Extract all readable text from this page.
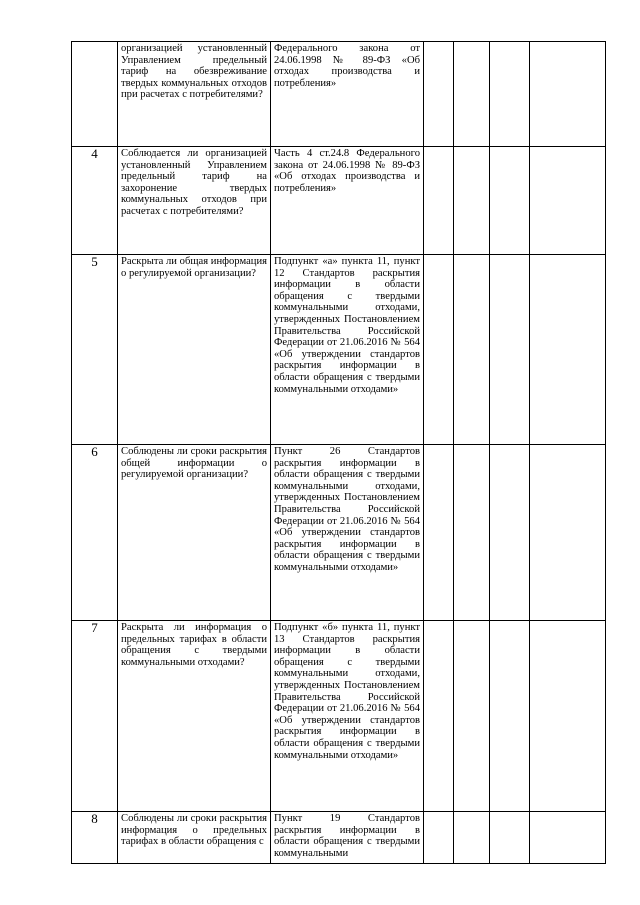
	организацией установленный Управлением предельный тариф на обезвреживание твердых коммунальных отходов при расчетах с потребителями?	Федерального закона от 24.06.1998 № 89-ФЗ «Об отходах производства и потребления»				
4	Соблюдается ли организацией установленный Управлением предельный тариф на захоронение твердых коммунальных отходов при расчетах с потребителями?	Часть 4 ст.24.8 Федерального закона от 24.06.1998 № 89-ФЗ «Об отходах производства и потребления»				
5	Раскрыта ли общая информация о регулируемой организации?	Подпункт «а» пункта 11, пункт 12 Стандартов раскрытия информации в области обращения с твердыми коммунальными отходами, утвержденных Постановлением Правительства Российской Федерации от 21.06.2016 № 564 «Об утверждении стандартов раскрытия информации в области обращения с твердыми коммунальными отходами»				
6	Соблюдены ли сроки раскрытия общей информации о регулируемой организации?	Пункт 26 Стандартов раскрытия информации в области обращения с твердыми коммунальными отходами, утвержденных Постановлением Правительства Российской Федерации от 21.06.2016 № 564 «Об утверждении стандартов раскрытия информации в области обращения с твердыми коммунальными отходами»				
7	Раскрыта ли информация о предельных тарифах в области обращения с твердыми коммунальными отходами?	Подпункт «б» пункта 11, пункт 13 Стандартов раскрытия информации в области обращения с твердыми коммунальными отходами, утвержденных Постановлением Правительства Российской Федерации от 21.06.2016 № 564 «Об утверждении стандартов раскрытия информации в области обращения с твердыми коммунальными отходами»				
8	Соблюдены ли сроки раскрытия информация о предельных тарифах в области обращения с	Пункт 19 Стандартов раскрытия информации в области обращения с твердыми коммунальными				
